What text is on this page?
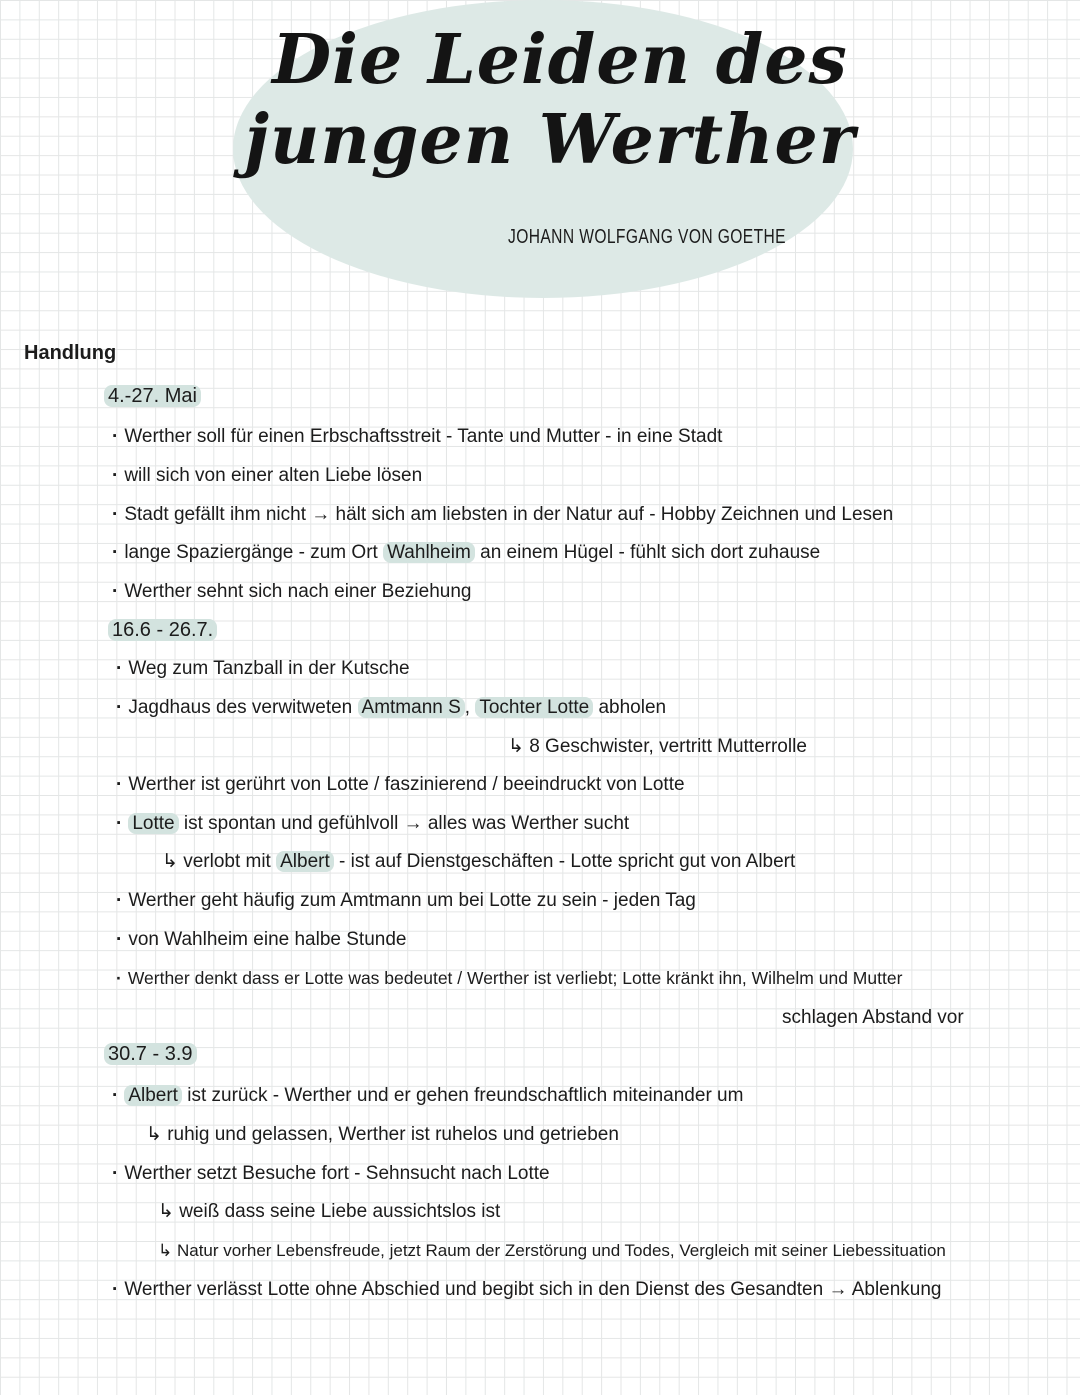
Die Leiden des
jungen Werther
JOHANN WOLFGANG VON GOETHE
Handlung
4.-27. Mai
· Werther soll für einen Erbschaftsstreit - Tante und Mutter - in eine Stadt
· will sich von einer alten Liebe lösen
· Stadt gefällt ihm nicht → hält sich am liebsten in der Natur auf - Hobby Zeichnen und Lesen
· lange Spaziergänge - zum Ort Wahlheim an einem Hügel - fühlt sich dort zuhause
· Werther sehnt sich nach einer Beziehung
16.6 - 26.7.
· Weg zum Tanzball in der Kutsche
· Jagdhaus des verwitweten Amtmann S , Tochter Lotte abholen
↳ 8 Geschwister, vertritt Mutterrolle
· Werther ist gerührt von Lotte / faszinierend / beeindruckt von Lotte
· Lotte ist spontan und gefühlvoll → alles was Werther sucht
↳ verlobt mit Albert - ist auf Dienstgeschäften - Lotte spricht gut von Albert
· Werther geht häufig zum Amtmann um bei Lotte zu sein - jeden Tag
· von Wahlheim eine halbe Stunde
· Werther denkt dass er Lotte was bedeutet / Werther ist verliebt; Lotte kränkt ihn, Wilhelm und Mutter
schlagen Abstand vor
30.7 - 3.9
· Albert ist zurück - Werther und er gehen freundschaftlich miteinander um
↳ ruhig und gelassen, Werther ist ruhelos und getrieben
· Werther setzt Besuche fort - Sehnsucht nach Lotte
↳ weiß dass seine Liebe aussichtslos ist
↳ Natur vorher Lebensfreude, jetzt Raum der Zerstörung und Todes, Vergleich mit seiner Liebessituation
· Werther verlässt Lotte ohne Abschied und begibt sich in den Dienst des Gesandten → Ablenkung
